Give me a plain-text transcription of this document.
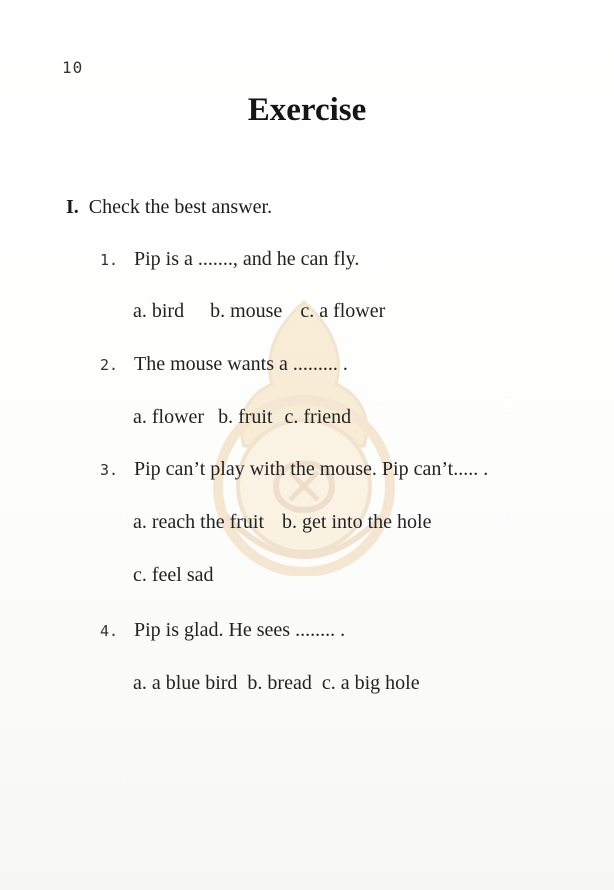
10
Exercise
I. Check the best answer.
1. Pip is a ......., and he can fly.
a. bird b. mouse c. a flower
2. The mouse wants a ......... .
a. flower b. fruit c. friend
3. Pip can’t play with the mouse. Pip can’t..... .
a. reach the fruit b. get into the hole
c. feel sad
4. Pip is glad. He sees ........ .
a. a blue bird b. bread c. a big hole
